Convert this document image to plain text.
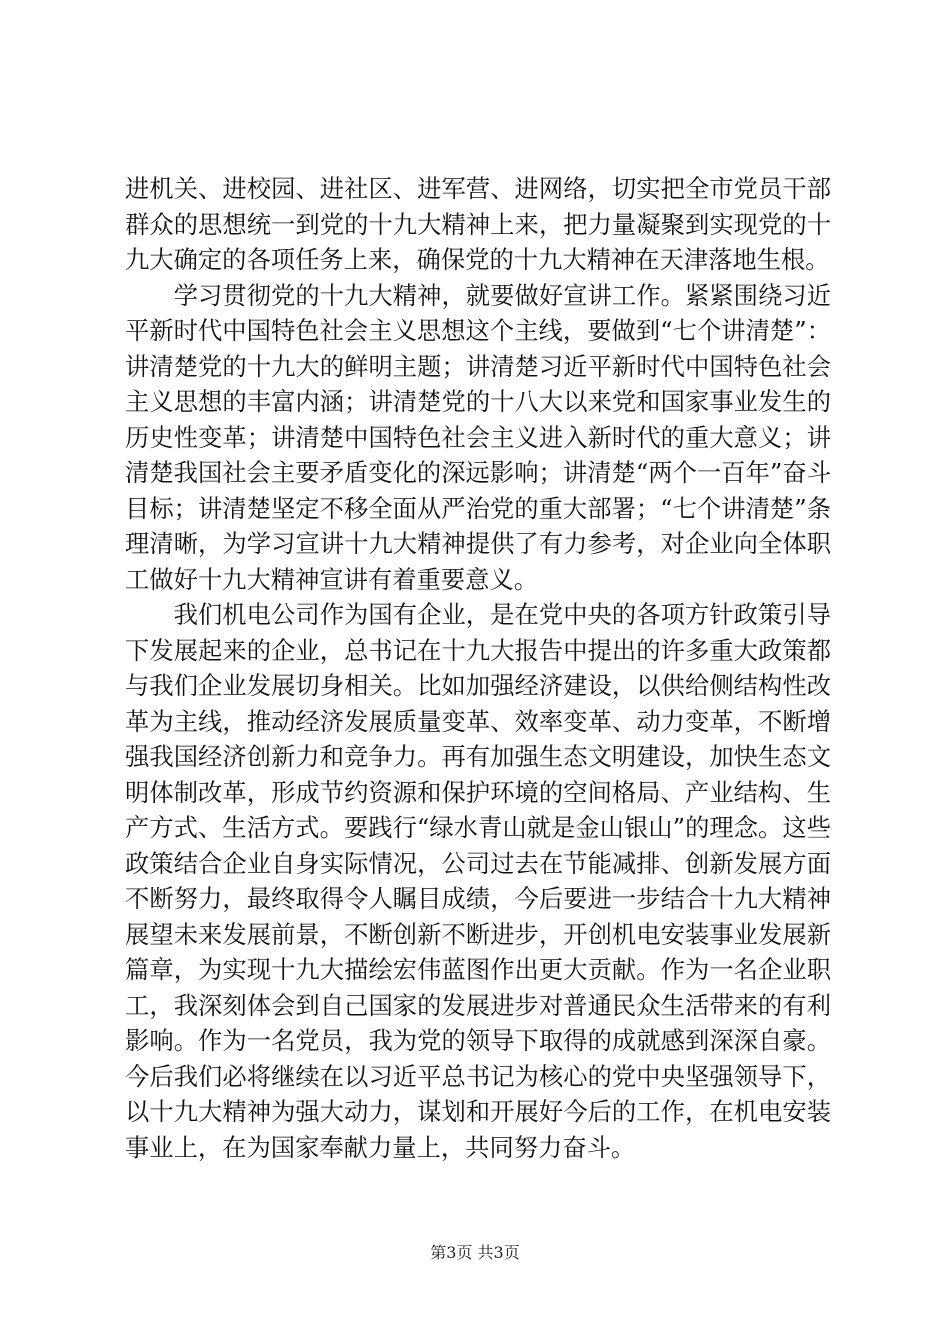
进机关、进校园、进社区、进军营、进网络，切实把全市党员干部群众的思想统一到党的十九大精神上来，把力量凝聚到实现党的十九大确定的各项任务上来，确保党的十九大精神在天津落地生根。

学习贯彻党的十九大精神，就要做好宣讲工作。紧紧围绕习近平新时代中国特色社会主义思想这个主线，要做到“七个讲清楚”：讲清楚党的十九大的鲜明主题；讲清楚习近平新时代中国特色社会主义思想的丰富内涵；讲清楚党的十八大以来党和国家事业发生的历史性变革；讲清楚中国特色社会主义进入新时代的重大意义；讲清楚我国社会主要矛盾变化的深远影响；讲清楚“两个一百年”奋斗目标；讲清楚坚定不移全面从严治党的重大部署；“七个讲清楚”条理清晰，为学习宣讲十九大精神提供了有力参考，对企业向全体职工做好十九大精神宣讲有着重要意义。

我们机电公司作为国有企业，是在党中央的各项方针政策引导下发展起来的企业，总书记在十九大报告中提出的许多重大政策都与我们企业发展切身相关。比如加强经济建设，以供给侧结构性改革为主线，推动经济发展质量变革、效率变革、动力变革，不断增强我国经济创新力和竞争力。再有加强生态文明建设，加快生态文明体制改革，形成节约资源和保护环境的空间格局、产业结构、生产方式、生活方式。要践行“绿水青山就是金山银山”的理念。这些政策结合企业自身实际情况，公司过去在节能减排、创新发展方面不断努力，最终取得令人瞩目成绩，今后要进一步结合十九大精神展望未来发展前景，不断创新不断进步，开创机电安装事业发展新篇章，为实现十九大描绘宏伟蓝图作出更大贡献。作为一名企业职工，我深刻体会到自己国家的发展进步对普通民众生活带来的有利影响。作为一名党员，我为党的领导下取得的成就感到深深自豪。今后我们必将继续在以习近平总书记为核心的党中央坚强领导下，以十九大精神为强大动力，谋划和开展好今后的工作，在机电安装事业上，在为国家奉献力量上，共同努力奋斗。

第3页 共3页
